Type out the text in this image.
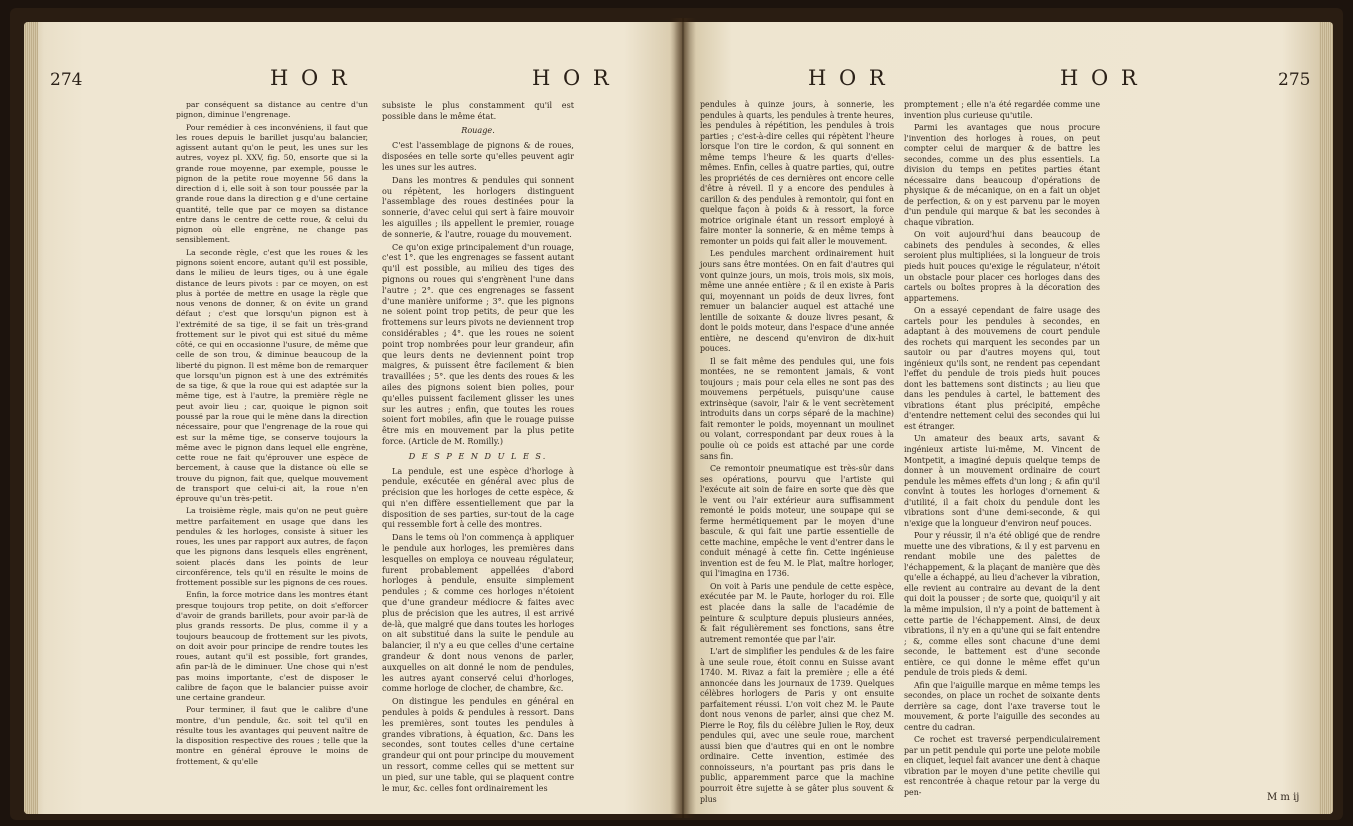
274	H O R	H O R

par conséquent sa distance au centre d'un pignon, diminue l'engrenage.

Pour remédier à ces inconvéniens, il faut que les roues depuis le barillet jusqu'au balancier, agissent autant qu'on le peut, les unes sur les autres, voyez pl. XXV, fig. 50, ensorte que si la grande roue moyenne, par exemple, pousse le pignon de la petite roue moyenne 56 dans la direction d i, elle soit à son tour poussée par la grande roue dans la direction g e d'une certaine quantité, telle que par ce moyen sa distance entre dans le centre de cette roue, & celui du pignon où elle engrène, ne change pas sensiblement.

La seconde règle, c'est que les roues & les pignons soient encore, autant qu'il est possible, dans le milieu de leurs tiges, ou à une égale distance de leurs pivots : par ce moyen, on est plus à portée de mettre en usage la règle que nous venons de donner, & on évite un grand défaut ; c'est que lorsqu'un pignon est à l'extrémité de sa tige, il se fait un très-grand frottement sur le pivot qui est situé du même côté, ce qui en occasionne l'usure, de même que celle de son trou, & diminue beaucoup de la liberté du pignon. Il est même bon de remarquer que lorsqu'un pignon est à une des extrémités de sa tige, & que la roue qui est adaptée sur la même tige, est à l'autre, la première règle ne peut avoir lieu ; car, quoique le pignon soit poussé par la roue qui le mène dans la direction nécessaire, pour que l'engrenage de la roue qui est sur la même tige, se conserve toujours la même avec le pignon dans lequel elle engrène, cette roue ne fait qu'éprouver une espèce de bercement, à cause que la distance où elle se trouve du pignon, fait que, quelque mouvement de transport que celui-ci ait, la roue n'en éprouve qu'un très-petit.

La troisième règle, mais qu'on ne peut guère mettre parfaitement en usage que dans les pendules & les horloges, consiste à situer les roues, les unes par rapport aux autres, de façon que les pignons dans lesquels elles engrènent, soient placés dans les points de leur circonférence, tels qu'il en résulte le moins de frottement possible sur les pignons de ces roues.

Enfin, la force motrice dans les montres étant presque toujours trop petite, on doit s'efforcer d'avoir de grands barillets, pour avoir par-là de plus grands ressorts. De plus, comme il y a toujours beaucoup de frottement sur les pivots, on doit avoir pour principe de rendre toutes les roues, autant qu'il est possible, fort grandes, afin par-là de le diminuer. Une chose qui n'est pas moins importante, c'est de disposer le calibre de façon que le balancier puisse avoir une certaine grandeur.

Pour terminer, il faut que le calibre d'une montre, d'un pendule, &c. soit tel qu'il en résulte tous les avantages qui peuvent naître de la disposition respective des roues ; telle que la montre en général éprouve le moins de frottement, & qu'elle

subsiste le plus constamment qu'il est possible dans le même état.

Rouage.

C'est l'assemblage de pignons & de roues, disposées en telle sorte qu'elles peuvent agir les unes sur les autres.

Dans les montres & pendules qui sonnent ou répètent, les horlogers distinguent l'assemblage des roues destinées pour la sonnerie, d'avec celui qui sert à faire mouvoir les aiguilles ; ils appellent le premier, rouage de sonnerie, & l'autre, rouage du mouvement.

Ce qu'on exige principalement d'un rouage, c'est 1°. que les engrenages se fassent autant qu'il est possible, au milieu des tiges des pignons ou roues qui s'engrènent l'une dans l'autre ; 2°. que ces engrenages se fassent d'une manière uniforme ; 3°. que les pignons ne soient point trop petits, de peur que les frottemens sur leurs pivots ne deviennent trop considérables ; 4°. que les roues ne soient point trop nombrées pour leur grandeur, afin que leurs dents ne deviennent point trop maigres, & puissent être facilement & bien travaillées ; 5°. que les dents des roues & les ailes des pignons soient bien polies, pour qu'elles puissent facilement glisser les unes sur les autres ; enfin, que toutes les roues soient fort mobiles, afin que le rouage puisse être mis en mouvement par la plus petite force. (Article de M. Romilly.)

D E S P E N D U L E S.

La pendule, est une espèce d'horloge à pendule, exécutée en général avec plus de précision que les horloges de cette espèce, & qui n'en diffère essentiellement que par la disposition de ses parties, sur-tout de la cage qui ressemble fort à celle des montres.

Dans le tems où l'on commença à appliquer le pendule aux horloges, les premières dans lesquelles on employa ce nouveau régulateur, furent probablement appellées d'abord horloges à pendule, ensuite simplement pendules ; & comme ces horloges n'étoient que d'une grandeur médiocre & faites avec plus de précision que les autres, il est arrivé de-là, que malgré que dans toutes les horloges on ait substitué dans la suite le pendule au balancier, il n'y a eu que celles d'une certaine grandeur & dont nous venons de parler, auxquelles on ait donné le nom de pendules, les autres ayant conservé celui d'horloges, comme horloge de clocher, de chambre, &c.

On distingue les pendules en général en pendules à poids & pendules à ressort. Dans les premières, sont toutes les pendules à grandes vibrations, à équation, &c. Dans les secondes, sont toutes celles d'une certaine grandeur qui ont pour principe du mouvement un ressort, comme celles qui se mettent sur un pied, sur une table, qui se plaquent contre le mur, &c. celles font ordinairement les

H O R	H O R	275

pendules à quinze jours, à sonnerie, les pendules à quarts, les pendules à trente heures, les pendules à répétition, les pendules à trois parties ; c'est-à-dire celles qui répètent l'heure lorsque l'on tire le cordon, & qui sonnent en même temps l'heure & les quarts d'elles-mêmes. Enfin, celles à quatre parties, qui, outre les propriétés de ces dernières ont encore celle d'être à réveil. Il y a encore des pendules à carillon & des pendules à remontoir, qui font en quelque façon à poids & à ressort, la force motrice originale étant un ressort employé à faire monter la sonnerie, & en même temps à remonter un poids qui fait aller le mouvement.

Les pendules marchent ordinairement huit jours sans être montées. On en fait d'autres qui vont quinze jours, un mois, trois mois, six mois, même une année entière ; & il en existe à Paris qui, moyennant un poids de deux livres, font remuer un balancier auquel est attaché une lentille de soixante & douze livres pesant, & dont le poids moteur, dans l'espace d'une année entière, ne descend qu'environ de dix-huit pouces.

Il se fait même des pendules qui, une fois montées, ne se remontent jamais, & vont toujours ; mais pour cela elles ne sont pas des mouvemens perpétuels, puisqu'une cause extrinsèque (savoir, l'air & le vent secrètement introduits dans un corps séparé de la machine) fait remonter le poids, moyennant un moulinet ou volant, correspondant par deux roues à la poulie où ce poids est attaché par une corde sans fin.

Ce remontoir pneumatique est très-sûr dans ses opérations, pourvu que l'artiste qui l'exécute ait soin de faire en sorte que dès que le vent ou l'air extérieur aura suffisamment remonté le poids moteur, une soupape qui se ferme hermétiquement par le moyen d'une bascule, & qui fait une partie essentielle de cette machine, empêche le vent d'entrer dans le conduit ménagé à cette fin. Cette ingénieuse invention est de feu M. le Plat, maître horloger, qui l'imagina en 1736.

On voit à Paris une pendule de cette espèce, exécutée par M. le Paute, horloger du roi. Elle est placée dans la salle de l'académie de peinture & sculpture depuis plusieurs années, & fait régulièrement ses fonctions, sans être autrement remontée que par l'air.

L'art de simplifier les pendules & de les faire à une seule roue, étoit connu en Suisse avant 1740. M. Rivaz a fait la première ; elle a été annoncée dans les journaux de 1739. Quelques célèbres horlogers de Paris y ont ensuite parfaitement réussi. L'on voit chez M. le Paute dont nous venons de parler, ainsi que chez M. Pierre le Roy, fils du célèbre Julien le Roy, deux pendules qui, avec une seule roue, marchent aussi bien que d'autres qui en ont le nombre ordinaire. Cette invention, estimée des connoisseurs, n'a pourtant pas pris dans le public, apparemment parce que la machine pourroit être sujette à se gâter plus souvent & plus

promptement ; elle n'a été regardée comme une invention plus curieuse qu'utile.

Parmi les avantages que nous procure l'invention des horloges à roues, on peut compter celui de marquer & de battre les secondes, comme un des plus essentiels. La division du temps en petites parties étant nécessaire dans beaucoup d'opérations de physique & de mécanique, on en a fait un objet de perfection, & on y est parvenu par le moyen d'un pendule qui marque & bat les secondes à chaque vibration.

On voit aujourd'hui dans beaucoup de cabinets des pendules à secondes, & elles seroient plus multipliées, si la longueur de trois pieds huit pouces qu'exige le régulateur, n'étoit un obstacle pour placer ces horloges dans des cartels ou boîtes propres à la décoration des appartemens.

On a essayé cependant de faire usage des cartels pour les pendules à secondes, en adaptant à des mouvemens de court pendule des rochets qui marquent les secondes par un sautoir ou par d'autres moyens qui, tout ingénieux qu'ils sont, ne rendent pas cependant l'effet du pendule de trois pieds huit pouces dont les battemens sont distincts ; au lieu que dans les pendules à cartel, le battement des vibrations étant plus précipité, empêche d'entendre nettement celui des secondes qui lui est étranger.

Un amateur des beaux arts, savant & ingénieux artiste lui-même, M. Vincent de Montpetit, a imaginé depuis quelque temps de donner à un mouvement ordinaire de court pendule les mêmes effets d'un long ; & afin qu'il convînt à toutes les horloges d'ornement & d'utilité, il a fait choix du pendule dont les vibrations sont d'une demi-seconde, & qui n'exige que la longueur d'environ neuf pouces.

Pour y réussir, il n'a été obligé que de rendre muette une des vibrations, & il y est parvenu en rendant mobile une des palettes de l'échappement, & la plaçant de manière que dès qu'elle a échappé, au lieu d'achever la vibration, elle revient au contraire au devant de la dent qui doit la pousser ; de sorte que, quoiqu'il y ait la même impulsion, il n'y a point de battement à cette partie de l'échappement. Ainsi, de deux vibrations, il n'y en a qu'une qui se fait entendre ; &, comme elles sont chacune d'une demi seconde, le battement est d'une seconde entière, ce qui donne le même effet qu'un pendule de trois pieds & demi.

Afin que l'aiguille marque en même temps les secondes, on place un rochet de soixante dents derrière sa cage, dont l'axe traverse tout le mouvement, & porte l'aiguille des secondes au centre du cadran.

Ce rochet est traversé perpendiculairement par un petit pendule qui porte une pelote mobile en cliquet, lequel fait avancer une dent à chaque vibration par le moyen d'une petite cheville qui est rencontrée à chaque retour par la verge du pen-	M m ij
